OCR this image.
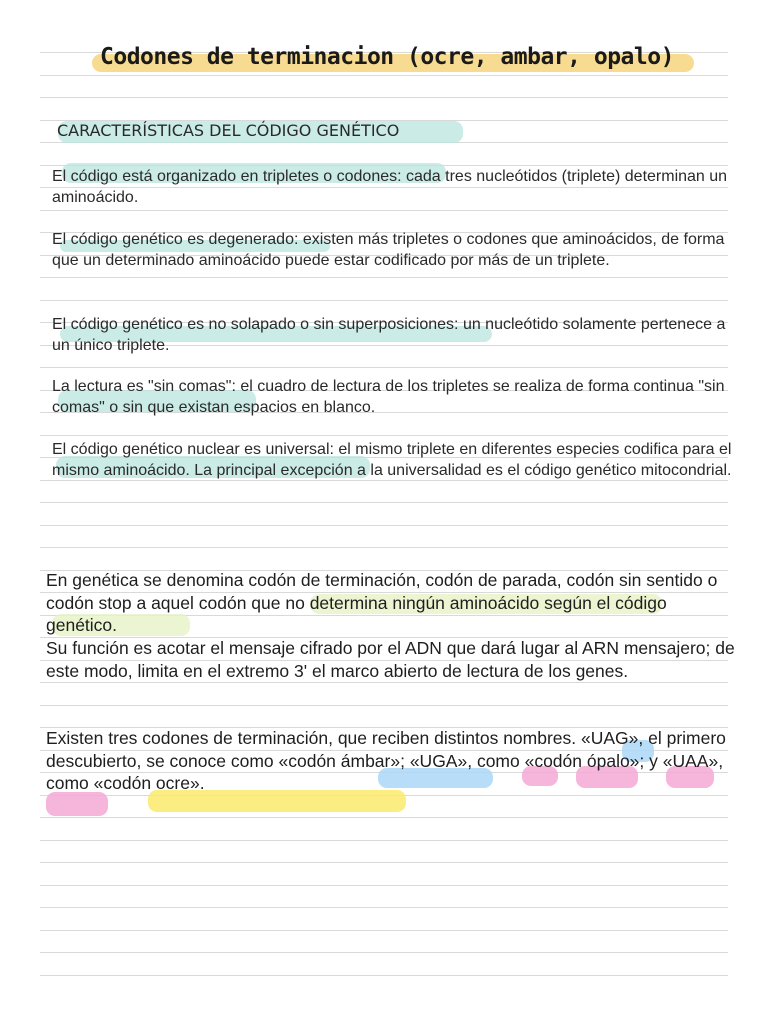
Codones de terminacion (ocre, ambar, opalo)
CARACTERÍSTICAS DEL CÓDIGO GENÉTICO
El código está organizado en tripletes o codones: cada tres nucleótidos (triplete) determinan un aminoácido.
El código genético es degenerado: existen más tripletes o codones que aminoácidos, de forma que un determinado aminoácido puede estar codificado por más de un triplete.
El código genético es no solapado o sin superposiciones: un nucleótido solamente pertenece a un único triplete.
La lectura es "sin comas": el cuadro de lectura de los tripletes se realiza de forma continua "sin comas" o sin que existan espacios en blanco.
El código genético nuclear es universal: el mismo triplete en diferentes especies codifica para el mismo aminoácido. La principal excepción a la universalidad es el código genético mitocondrial.
En genética se denomina codón de terminación, codón de parada, codón sin sentido o codón stop a aquel codón que no determina ningún aminoácido según el código genético.
Su función es acotar el mensaje cifrado por el ADN que dará lugar al ARN mensajero; de este modo, limita en el extremo 3' el marco abierto de lectura de los genes.
Existen tres codones de terminación, que reciben distintos nombres. «UAG», el primero descubierto, se conoce como «codón ámbar»; «UGA», como «codón ópalo»; y «UAA», como «codón ocre».
